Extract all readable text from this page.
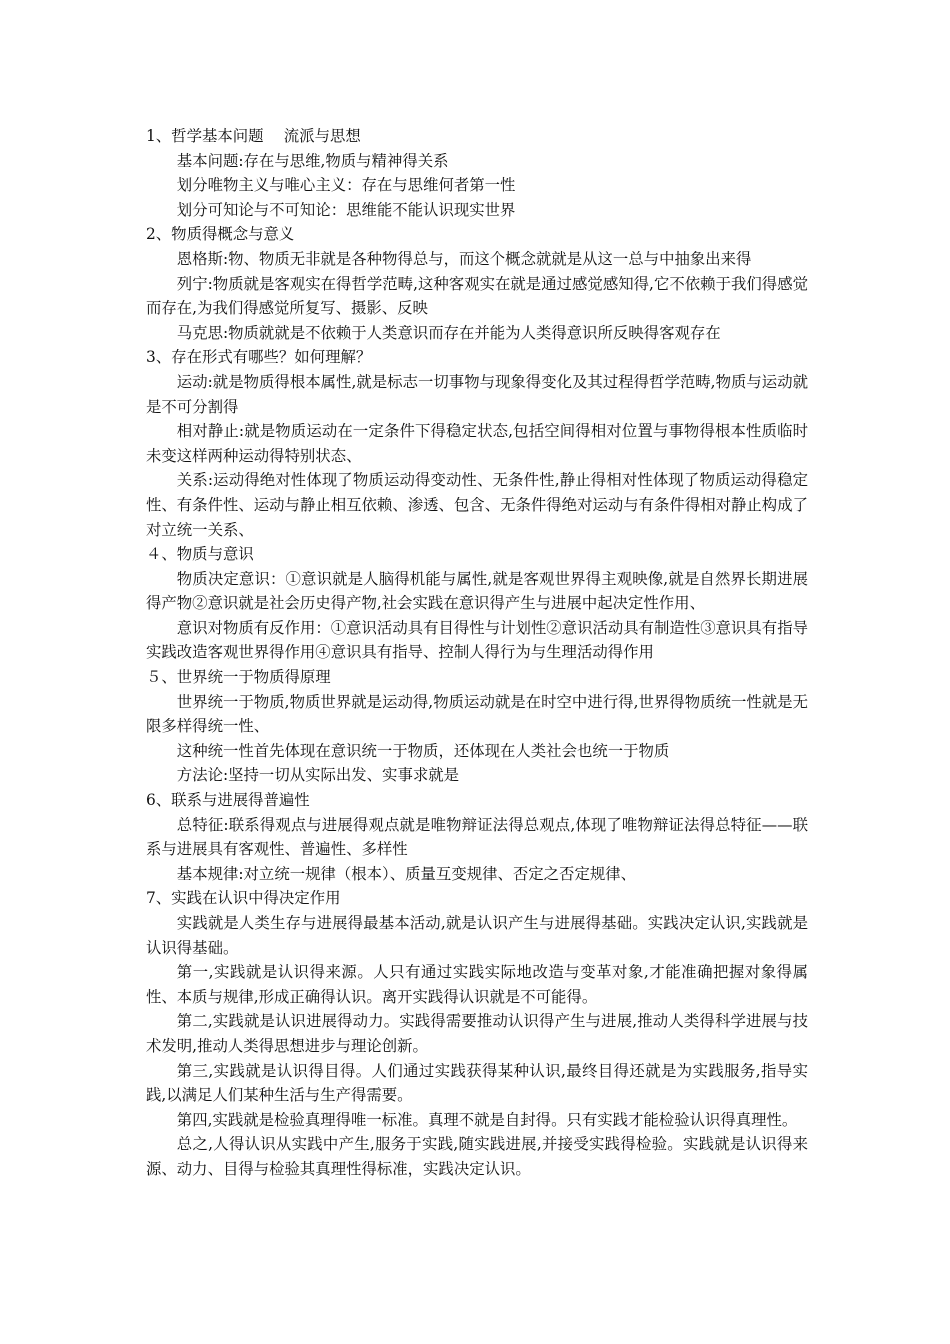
1、哲学基本问题　 流派与思想

基本问题:存在与思维,物质与精神得关系

划分唯物主义与唯心主义：存在与思维何者第一性

划分可知论与不可知论：思维能不能认识现实世界

2、物质得概念与意义

恩格斯:物、物质无非就是各种物得总与，而这个概念就就是从这一总与中抽象出来得

列宁:物质就是客观实在得哲学范畴,这种客观实在就是通过感觉感知得,它不依赖于我们得感觉而存在,为我们得感觉所复写、摄影、反映

马克思:物质就就是不依赖于人类意识而存在并能为人类得意识所反映得客观存在

3、存在形式有哪些？如何理解？

运动:就是物质得根本属性,就是标志一切事物与现象得变化及其过程得哲学范畴,物质与运动就是不可分割得

相对静止:就是物质运动在一定条件下得稳定状态,包括空间得相对位置与事物得根本性质临时未变这样两种运动得特别状态、

关系:运动得绝对性体现了物质运动得变动性、无条件性,静止得相对性体现了物质运动得稳定性、有条件性、运动与静止相互依赖、渗透、包含、无条件得绝对运动与有条件得相对静止构成了对立统一关系、

４、物质与意识

物质决定意识：①意识就是人脑得机能与属性,就是客观世界得主观映像,就是自然界长期进展得产物②意识就是社会历史得产物,社会实践在意识得产生与进展中起决定性作用、

意识对物质有反作用：①意识活动具有目得性与计划性②意识活动具有制造性③意识具有指导实践改造客观世界得作用④意识具有指导、控制人得行为与生理活动得作用

５、世界统一于物质得原理

世界统一于物质,物质世界就是运动得,物质运动就是在时空中进行得,世界得物质统一性就是无限多样得统一性、

这种统一性首先体现在意识统一于物质，还体现在人类社会也统一于物质

方法论:坚持一切从实际出发、实事求就是

6、联系与进展得普遍性

总特征:联系得观点与进展得观点就是唯物辩证法得总观点,体现了唯物辩证法得总特征——联系与进展具有客观性、普遍性、多样性

基本规律:对立统一规律（根本）、质量互变规律、否定之否定规律、

7、实践在认识中得决定作用

实践就是人类生存与进展得最基本活动,就是认识产生与进展得基础。实践决定认识,实践就是认识得基础。

第一,实践就是认识得来源。人只有通过实践实际地改造与变革对象,才能准确把握对象得属性、本质与规律,形成正确得认识。离开实践得认识就是不可能得。

第二,实践就是认识进展得动力。实践得需要推动认识得产生与进展,推动人类得科学进展与技术发明,推动人类得思想进步与理论创新。

第三,实践就是认识得目得。人们通过实践获得某种认识,最终目得还就是为实践服务,指导实践,以满足人们某种生活与生产得需要。

第四,实践就是检验真理得唯一标准。真理不就是自封得。只有实践才能检验认识得真理性。

总之,人得认识从实践中产生,服务于实践,随实践进展,并接受实践得检验。实践就是认识得来源、动力、目得与检验其真理性得标准，实践决定认识。
